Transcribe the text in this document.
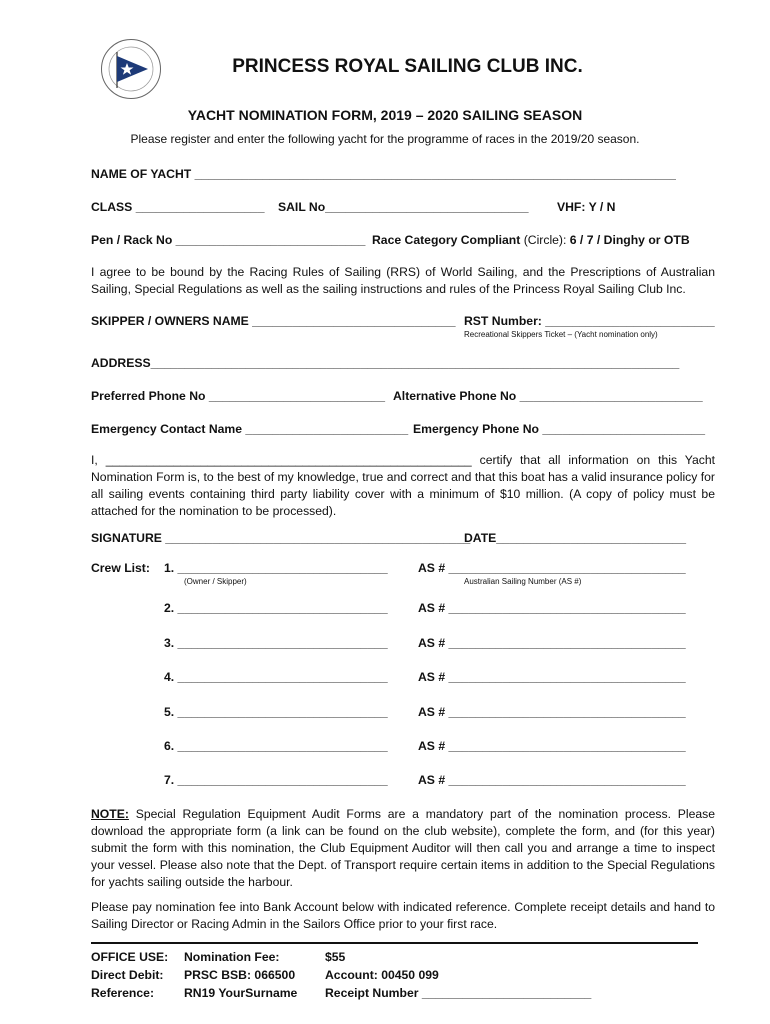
PRINCESS ROYAL SAILING CLUB INC.
YACHT NOMINATION FORM, 2019 – 2020 SAILING SEASON
Please register and enter the following yacht for the programme of races in the 2019/20 season.
NAME OF YACHT _______________________________________________________________________
CLASS ___________________ SAIL No______________________________ VHF: Y / N
Pen / Rack No ____________________________ Race Category Compliant (Circle): 6 / 7 / Dinghy or OTB
I agree to be bound by the Racing Rules of Sailing (RRS) of World Sailing, and the Prescriptions of Australian Sailing, Special Regulations as well as the sailing instructions and rules of the Princess Royal Sailing Club Inc.
SKIPPER / OWNERS NAME ______________________________ RST Number: _________________________
Recreational Skippers Ticket – (Yacht nomination only)
ADDRESS______________________________________________________________________________
Preferred Phone No __________________________ Alternative Phone No ___________________________
Emergency Contact Name ________________________ Emergency Phone No ________________________
I, ______________________________________________________ certify that all information on this Yacht Nomination Form is, to the best of my knowledge, true and correct and that this boat has a valid insurance policy for all sailing events containing third party liability cover with a minimum of $10 million. (A copy of policy must be attached for the nomination to be processed).
SIGNATURE _____________________________________________
DATE____________________________
Crew List: 1. _______________________________ AS # ___________________________________
(Owner / Skipper)	Australian Sailing Number (AS #)
2. _______________________________ AS # ___________________________________
3. _______________________________ AS # ___________________________________
4. _______________________________ AS # ___________________________________
5. _______________________________ AS # ___________________________________
6. _______________________________ AS # ___________________________________
7. _______________________________ AS # ___________________________________
NOTE: Special Regulation Equipment Audit Forms are a mandatory part of the nomination process. Please download the appropriate form (a link can be found on the club website), complete the form, and (for this year) submit the form with this nomination, the Club Equipment Auditor will then call you and arrange a time to inspect your vessel. Please also note that the Dept. of Transport require certain items in addition to the Special Regulations for yachts sailing outside the harbour.
Please pay nomination fee into Bank Account below with indicated reference. Complete receipt details and hand to Sailing Director or Racing Admin in the Sailors Office prior to your first race.
OFFICE USE:
Direct Debit:
Reference:
Nomination Fee:
PRSC BSB: 066500
RN19 YourSurname
$55
Account: 00450 099
Receipt Number _________________________
